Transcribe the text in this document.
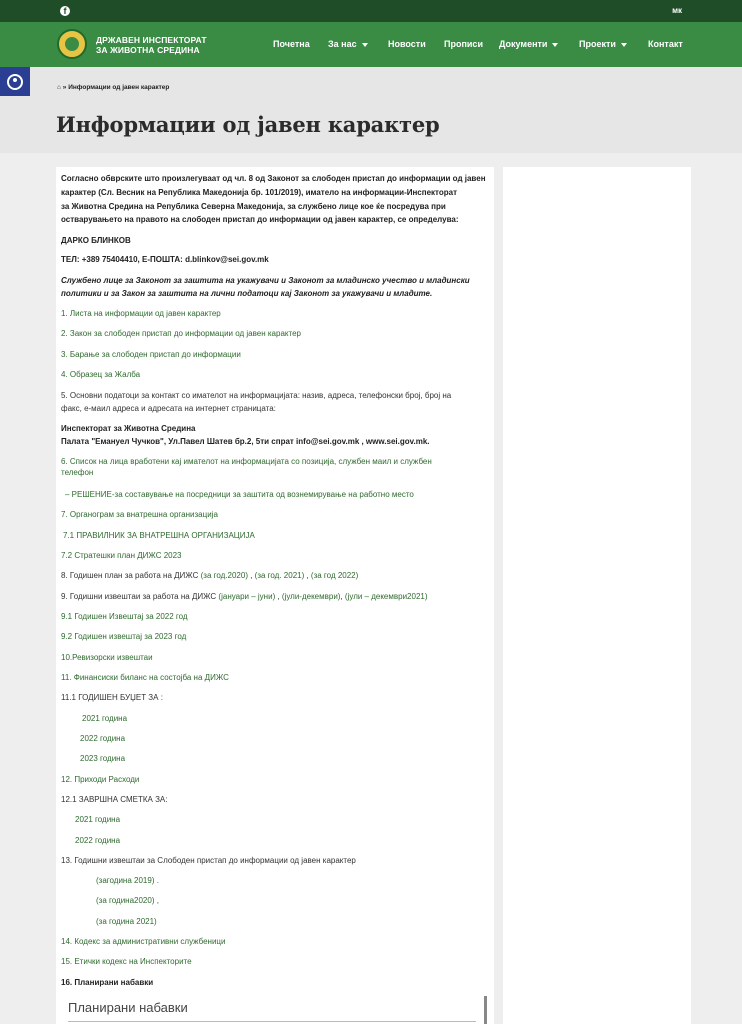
f	мк
ДРЖАВЕН ИНСПЕКТОРАТ
ЗА ЖИВОТНА СРЕДИНА
Почетна За нас	Новости Прописи Документи	Проекти	Контакт
⌂ » Информации од јавен карактер
Информации од јавен карактер
Согласно обврските што произлегуваат од чл. 8 од Законот за слободен пристап до информации од јавен
карактер (Сл. Весник на Република Македонија бр. 101/2019), иматело на информации-Инспекторат
за Животна Средина на Република Северна Македонија, за службено лице кое ќе посредува при
остварувањето на правото на слободен пристап до информации од јавен карактер, се определува:
ДАРКО БЛИНКОВ
ТЕЛ: +389 75404410, Е-ПОШТА: d.blinkov@sei.gov.mk
Службено лице за Законот за заштита на укажувачи и Законот за младинско учество и младински
политики и за Закон за заштита на лични податоци кај Законот за укажувачи и младите.
1. Листа на информации од јавен карактер
2. Закон за слободен пристап до информации од јавен карактер
3. Барање за слободен пристап до информации
4. Образец за Жалба
5. Основни податоци за контакт со имателот на информацијата: назив, адреса, телефонски број, број на
факс, е-маил адреса и адресата на интернет страницата:
Инспекторат за Животна Средина
Палата "Емануел Чучков", Ул.Павел Шатев бр.2, 5ти спрат info@sei.gov.mk , www.sei.gov.mk.
6. Список на лица вработени кај имателот на информацијата со позиција, службен маил и службен
телефон
– РЕШЕНИЕ-за составување на посредници за заштита од вознемирување на работно место
7. Органограм за внатрешна организација
7.1 ПРАВИЛНИК ЗА ВНАТРЕШНА ОРГАНИЗАЦИЈА
7.2 Стратешки план ДИЖС 2023
8. Годишен план за работа на ДИЖС (за год.2020) , (за год. 2021) , (за год 2022)
9. Годишни извештаи за работа на ДИЖС (јануари – јуни) , (јули-декември), (јули – декември2021)
9.1 Годишен Извештај за 2022 год
9.2 Годишен извештај за 2023 год
10.Ревизорски извештаи
11. Финансиски биланс на состојба на ДИЖС
11.1 ГОДИШЕН БУЏЕТ ЗА :
2021 година
2022 година
2023 година
12. Приходи Расходи
12.1 ЗАВРШНА СМЕТКА ЗА:
2021 година
2022 година
13. Годишни извештаи за Слободен пристап до информации од јавен карактер
(загодина 2019) .
(за година2020) ,
(за година 2021)
14. Кодекс за административни службеници
15. Етички кодекс на Инспекторите
16. Планирани набавки
Планирани набавки
